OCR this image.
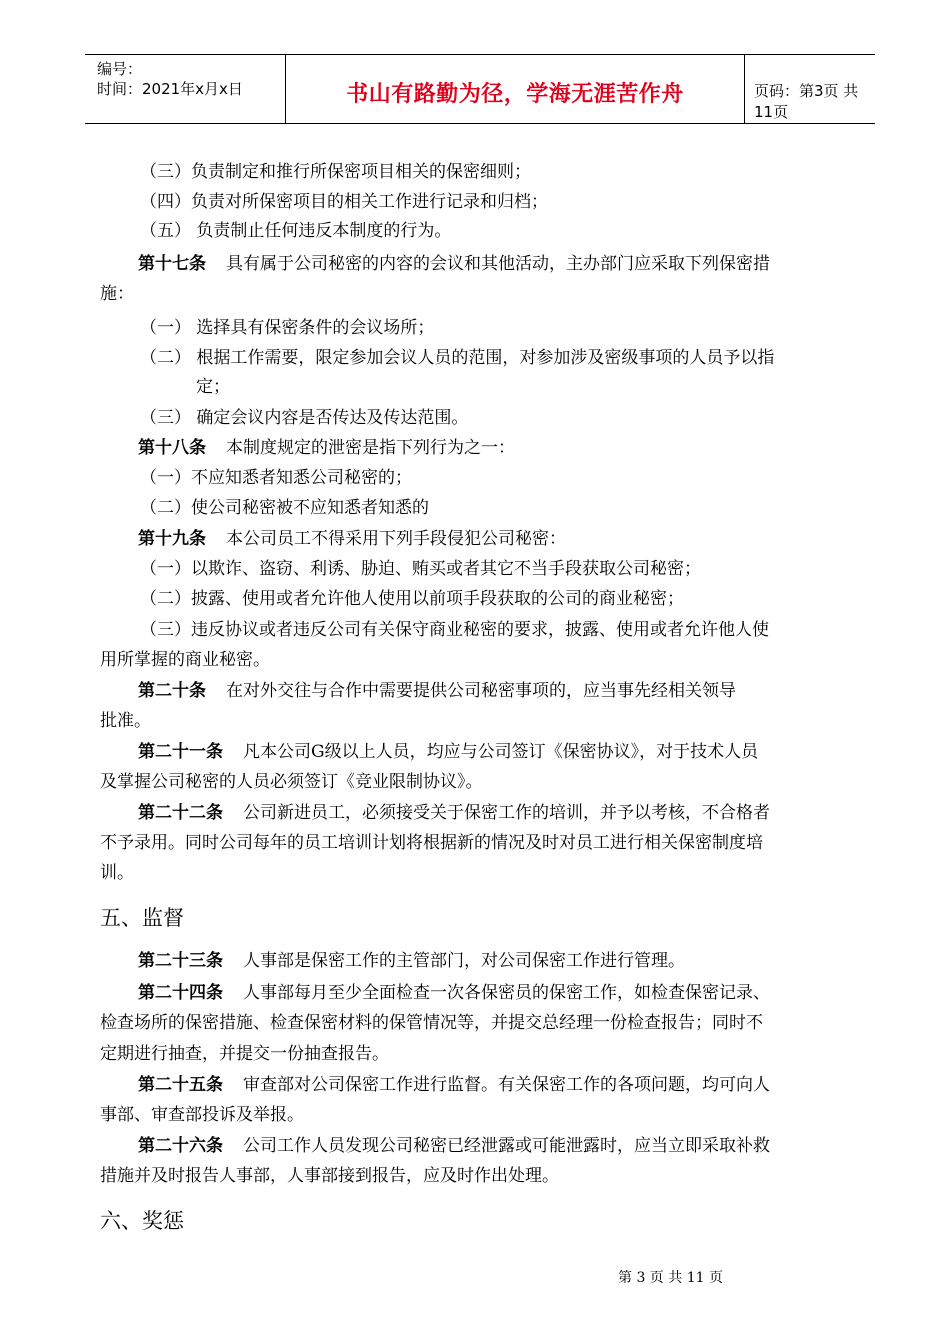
编号：
时间：2021年x月x日	书山有路勤为径，学海无涯苦作舟	页码：第3页 共11页
（三）负责制定和推行所保密项目相关的保密细则；
（四）负责对所保密项目的相关工作进行记录和归档；
（五） 负责制止任何违反本制度的行为。
第十七条 具有属于公司秘密的内容的会议和其他活动，主办部门应采取下列保密措
施：
（一） 选择具有保密条件的会议场所；
（二） 根据工作需要，限定参加会议人员的范围，对参加涉及密级事项的人员予以指
定；
（三） 确定会议内容是否传达及传达范围。
第十八条 本制度规定的泄密是指下列行为之一：
（一）不应知悉者知悉公司秘密的；
（二）使公司秘密被不应知悉者知悉的
第十九条 本公司员工不得采用下列手段侵犯公司秘密：
（一）以欺诈、盗窃、利诱、胁迫、贿买或者其它不当手段获取公司秘密；
（二）披露、使用或者允许他人使用以前项手段获取的公司的商业秘密；
（三）违反协议或者违反公司有关保守商业秘密的要求，披露、使用或者允许他人使
用所掌握的商业秘密。
第二十条 在对外交往与合作中需要提供公司秘密事项的，应当事先经相关领导
批准。
第二十一条 凡本公司G级以上人员，均应与公司签订《保密协议》，对于技术人员
及掌握公司秘密的人员必须签订《竞业限制协议》。
第二十二条 公司新进员工，必须接受关于保密工作的培训，并予以考核，不合格者
不予录用。同时公司每年的员工培训计划将根据新的情况及时对员工进行相关保密制度培
训。
五、监督
第二十三条 人事部是保密工作的主管部门，对公司保密工作进行管理。
第二十四条 人事部每月至少全面检查一次各保密员的保密工作，如检查保密记录、
检查场所的保密措施、检查保密材料的保管情况等，并提交总经理一份检查报告；同时不
定期进行抽查，并提交一份抽查报告。
第二十五条 审查部对公司保密工作进行监督。有关保密工作的各项问题，均可向人
事部、审查部投诉及举报。
第二十六条 公司工作人员发现公司秘密已经泄露或可能泄露时，应当立即采取补救
措施并及时报告人事部，人事部接到报告，应及时作出处理。
六、奖惩
第 3 页 共 11 页
